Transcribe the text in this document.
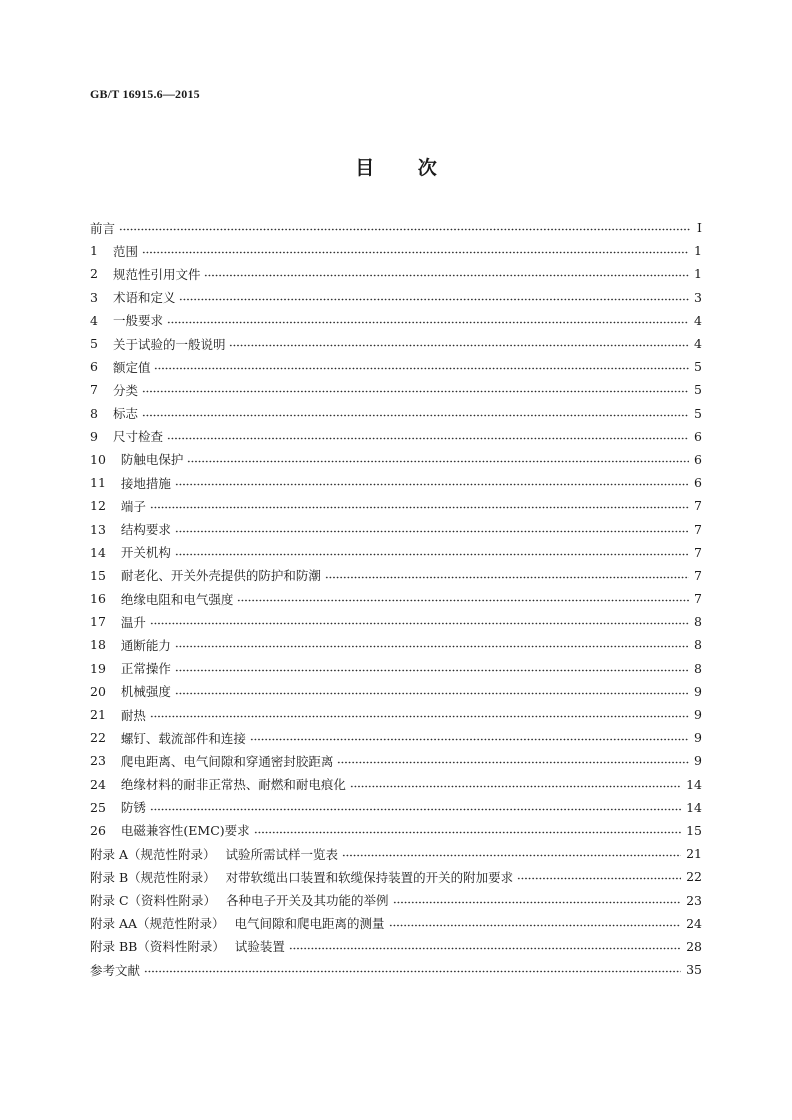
GB/T 16915.6—2015
目 次
前言	I
1 范围	1
2 规范性引用文件	1
3 术语和定义	3
4 一般要求	4
5 关于试验的一般说明	4
6 额定值	5
7 分类	5
8 标志	5
9 尺寸检查	6
10 防触电保护	6
11 接地措施	6
12 端子	7
13 结构要求	7
14 开关机构	7
15 耐老化、开关外壳提供的防护和防潮	7
16 绝缘电阻和电气强度	7
17 温升	8
18 通断能力	8
19 正常操作	8
20 机械强度	9
21 耐热	9
22 螺钉、载流部件和连接	9
23 爬电距离、电气间隙和穿通密封胶距离	9
24 绝缘材料的耐非正常热、耐燃和耐电痕化	14
25 防锈	14
26 电磁兼容性(EMC)要求	15
附录 A（规范性附录） 试验所需试样一览表	21
附录 B（规范性附录） 对带软缆出口装置和软缆保持装置的开关的附加要求	22
附录 C（资料性附录） 各种电子开关及其功能的举例	23
附录 AA（规范性附录） 电气间隙和爬电距离的测量	24
附录 BB（资料性附录） 试验装置	28
参考文献	35
